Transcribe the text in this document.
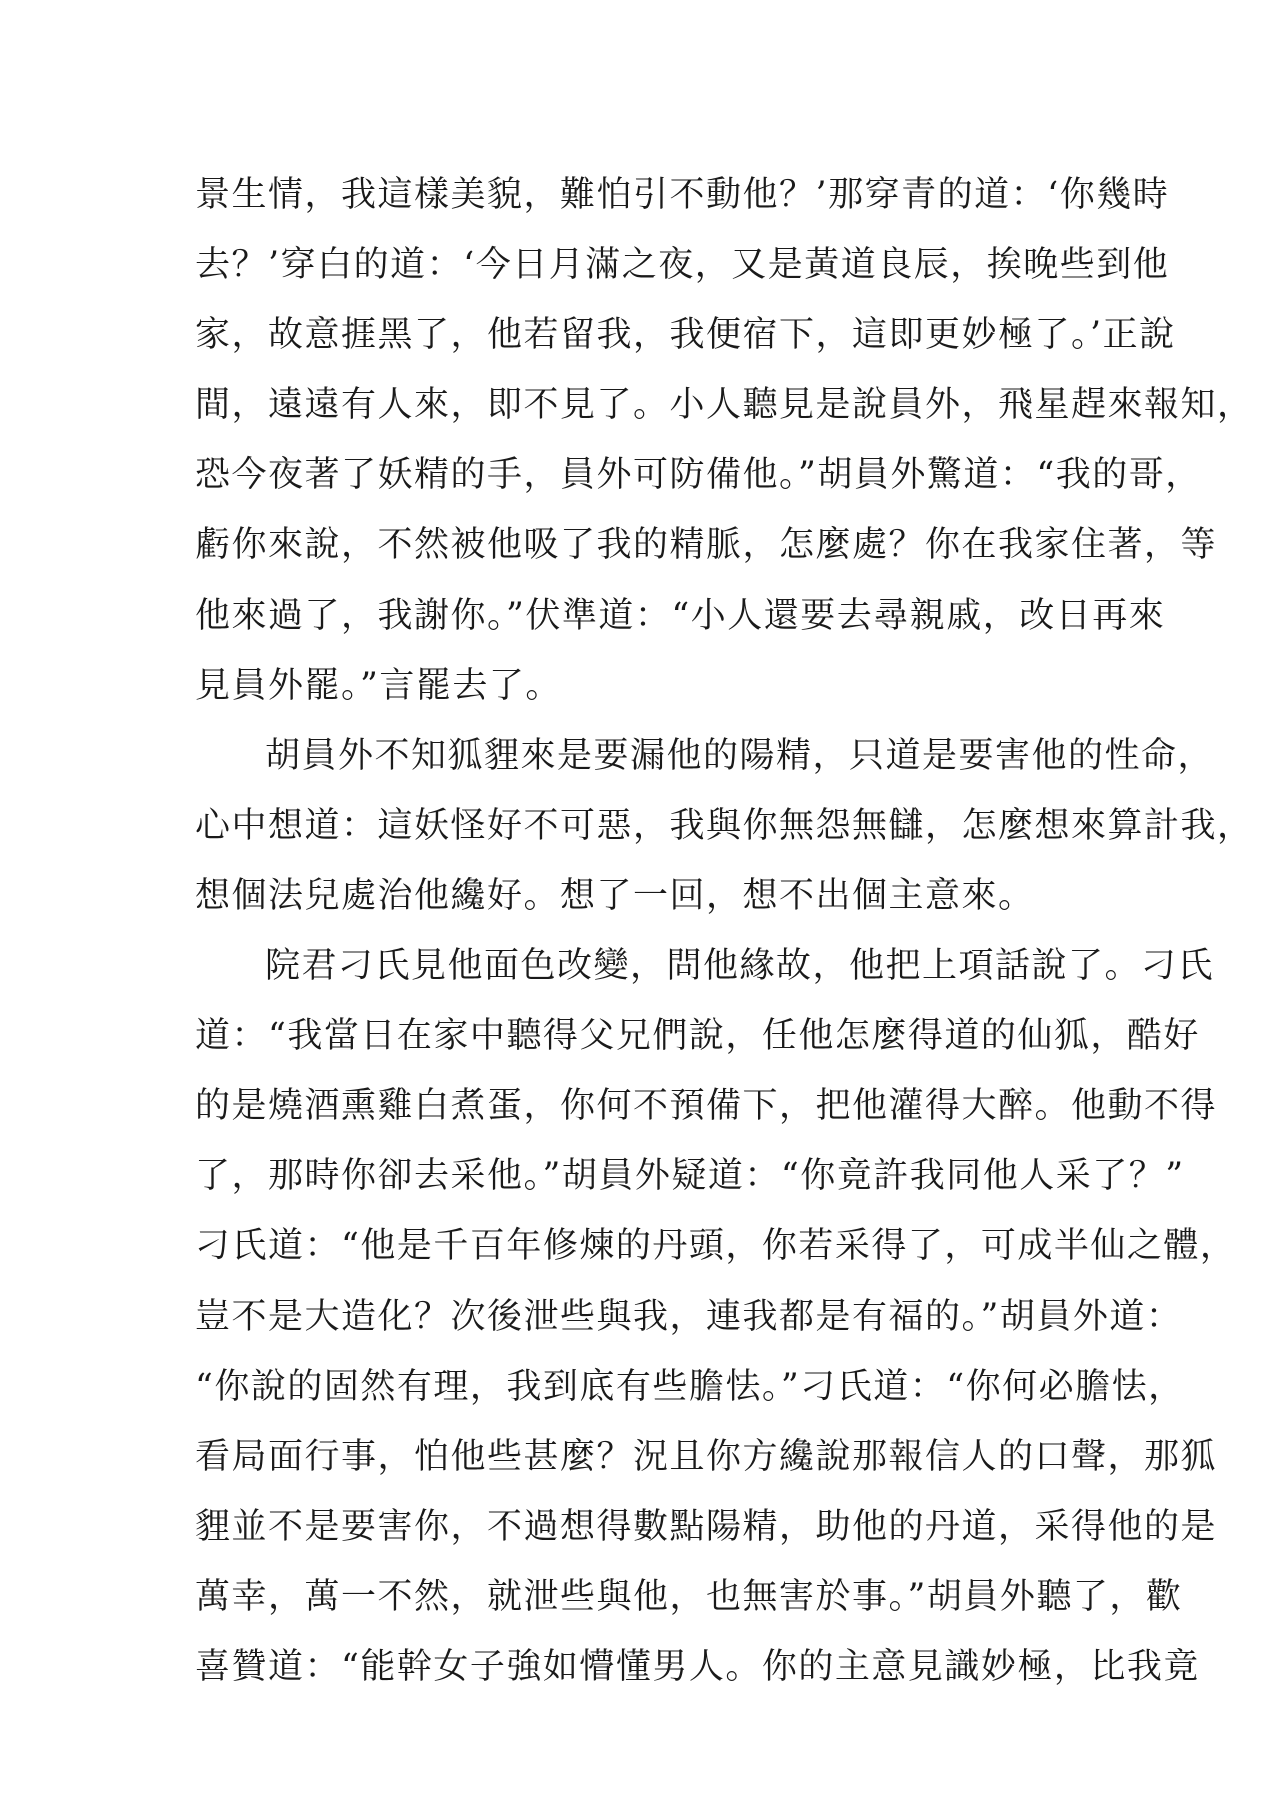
景生情，我這樣美貌，難怕引不動他？’那穿青的道：‘你幾時
去？’穿白的道：‘今日月滿之夜，又是黃道良辰，挨晚些到他
家，故意捱黑了，他若留我，我便宿下，這即更妙極了。’正說
間，遠遠有人來，即不見了。小人聽見是說員外，飛星趕來報知，
恐今夜著了妖精的手，員外可防備他。”胡員外驚道：“我的哥，
虧你來說，不然被他吸了我的精脈，怎麼處？你在我家住著，等
他來過了，我謝你。”伏準道：“小人還要去尋親戚，改日再來
見員外罷。”言罷去了。
胡員外不知狐貍來是要漏他的陽精，只道是要害他的性命，
心中想道：這妖怪好不可惡，我與你無怨無讎，怎麼想來算計我，
想個法兒處治他纔好。想了一回，想不出個主意來。
院君刁氏見他面色改變，問他緣故，他把上項話說了。刁氏
道：“我當日在家中聽得父兄們說，任他怎麼得道的仙狐，酷好
的是燒酒熏雞白煮蛋，你何不預備下，把他灌得大醉。他動不得
了，那時你卻去采他。”胡員外疑道：“你竟許我同他人采了？”
刁氏道：“他是千百年修煉的丹頭，你若采得了，可成半仙之體，
豈不是大造化？次後泄些與我，連我都是有福的。”胡員外道：
“你說的固然有理，我到底有些膽怯。”刁氏道：“你何必膽怯，
看局面行事，怕他些甚麼？況且你方纔說那報信人的口聲，那狐
貍並不是要害你，不過想得數點陽精，助他的丹道，采得他的是
萬幸，萬一不然，就泄些與他，也無害於事。”胡員外聽了，歡
喜贊道：“能幹女子強如懵懂男人。你的主意見識妙極，比我竟
